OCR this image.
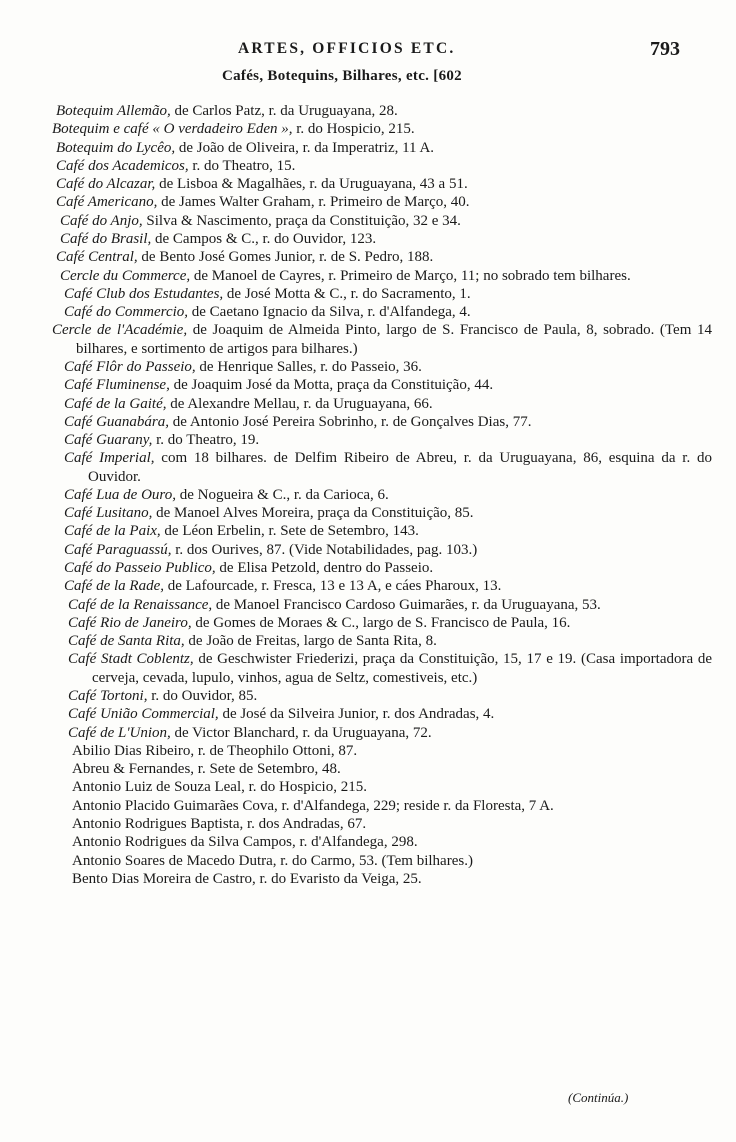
ARTES, OFFICIOS ETC.	793
Cafés, Botequins, Bilhares, etc. [602
Botequim Allemão, de Carlos Patz, r. da Uruguayana, 28.
Botequim e café « O verdadeiro Eden », r. do Hospicio, 215.
Botequim do Lycêo, de João de Oliveira, r. da Imperatriz, 11 A.
Café dos Academicos, r. do Theatro, 15.
Café do Alcazar, de Lisboa & Magalhães, r. da Uruguayana, 43 a 51.
Café Americano, de James Walter Graham, r. Primeiro de Março, 40.
Café do Anjo, Silva & Nascimento, praça da Constituição, 32 e 34.
Café do Brasil, de Campos & C., r. do Ouvidor, 123.
Café Central, de Bento José Gomes Junior, r. de S. Pedro, 188.
Cercle du Commerce, de Manoel de Cayres, r. Primeiro de Março, 11; no sobrado tem bilhares.
Café Club dos Estudantes, de José Motta & C., r. do Sacramento, 1.
Café do Commercio, de Caetano Ignacio da Silva, r. d'Alfandega, 4.
Cercle de l'Académie, de Joaquim de Almeida Pinto, largo de S. Francisco de Paula, 8, sobrado. (Tem 14 bilhares, e sortimento de artigos para bilhares.)
Café Flôr do Passeio, de Henrique Salles, r. do Passeio, 36.
Café Fluminense, de Joaquim José da Motta, praça da Constituição, 44.
Café de la Gaité, de Alexandre Mellau, r. da Uruguayana, 66.
Café Guanabára, de Antonio José Pereira Sobrinho, r. de Gonçalves Dias, 77.
Café Guarany, r. do Theatro, 19.
Café Imperial, com 18 bilhares. de Delfim Ribeiro de Abreu, r. da Uruguayana, 86, esquina da r. do Ouvidor.
Café Lua de Ouro, de Nogueira & C., r. da Carioca, 6.
Café Lusitano, de Manoel Alves Moreira, praça da Constituição, 85.
Café de la Paix, de Léon Erbelin, r. Sete de Setembro, 143.
Café Paraguassú, r. dos Ourives, 87. (Vide Notabilidades, pag. 103.)
Café do Passeio Publico, de Elisa Petzold, dentro do Passeio.
Café de la Rade, de Lafourcade, r. Fresca, 13 e 13 A, e cáes Pharoux, 13.
Café de la Renaissance, de Manoel Francisco Cardoso Guimarães, r. da Uruguayana, 53.
Café Rio de Janeiro, de Gomes de Moraes & C., largo de S. Francisco de Paula, 16.
Café de Santa Rita, de João de Freitas, largo de Santa Rita, 8.
Café Stadt Coblentz, de Geschwister Friederizi, praça da Constituição, 15, 17 e 19. (Casa importadora de cerveja, cevada, lupulo, vinhos, agua de Seltz, comestiveis, etc.)
Café Tortoni, r. do Ouvidor, 85.
Café União Commercial, de José da Silveira Junior, r. dos Andradas, 4.
Café de L'Union, de Victor Blanchard, r. da Uruguayana, 72.
Abilio Dias Ribeiro, r. de Theophilo Ottoni, 87.
Abreu & Fernandes, r. Sete de Setembro, 48.
Antonio Luiz de Souza Leal, r. do Hospicio, 215.
Antonio Placido Guimarães Cova, r. d'Alfandega, 229; reside r. da Floresta, 7 A.
Antonio Rodrigues Baptista, r. dos Andradas, 67.
Antonio Rodrigues da Silva Campos, r. d'Alfandega, 298.
Antonio Soares de Macedo Dutra, r. do Carmo, 53. (Tem bilhares.)
Bento Dias Moreira de Castro, r. do Evaristo da Veiga, 25.
(Continúa.)
